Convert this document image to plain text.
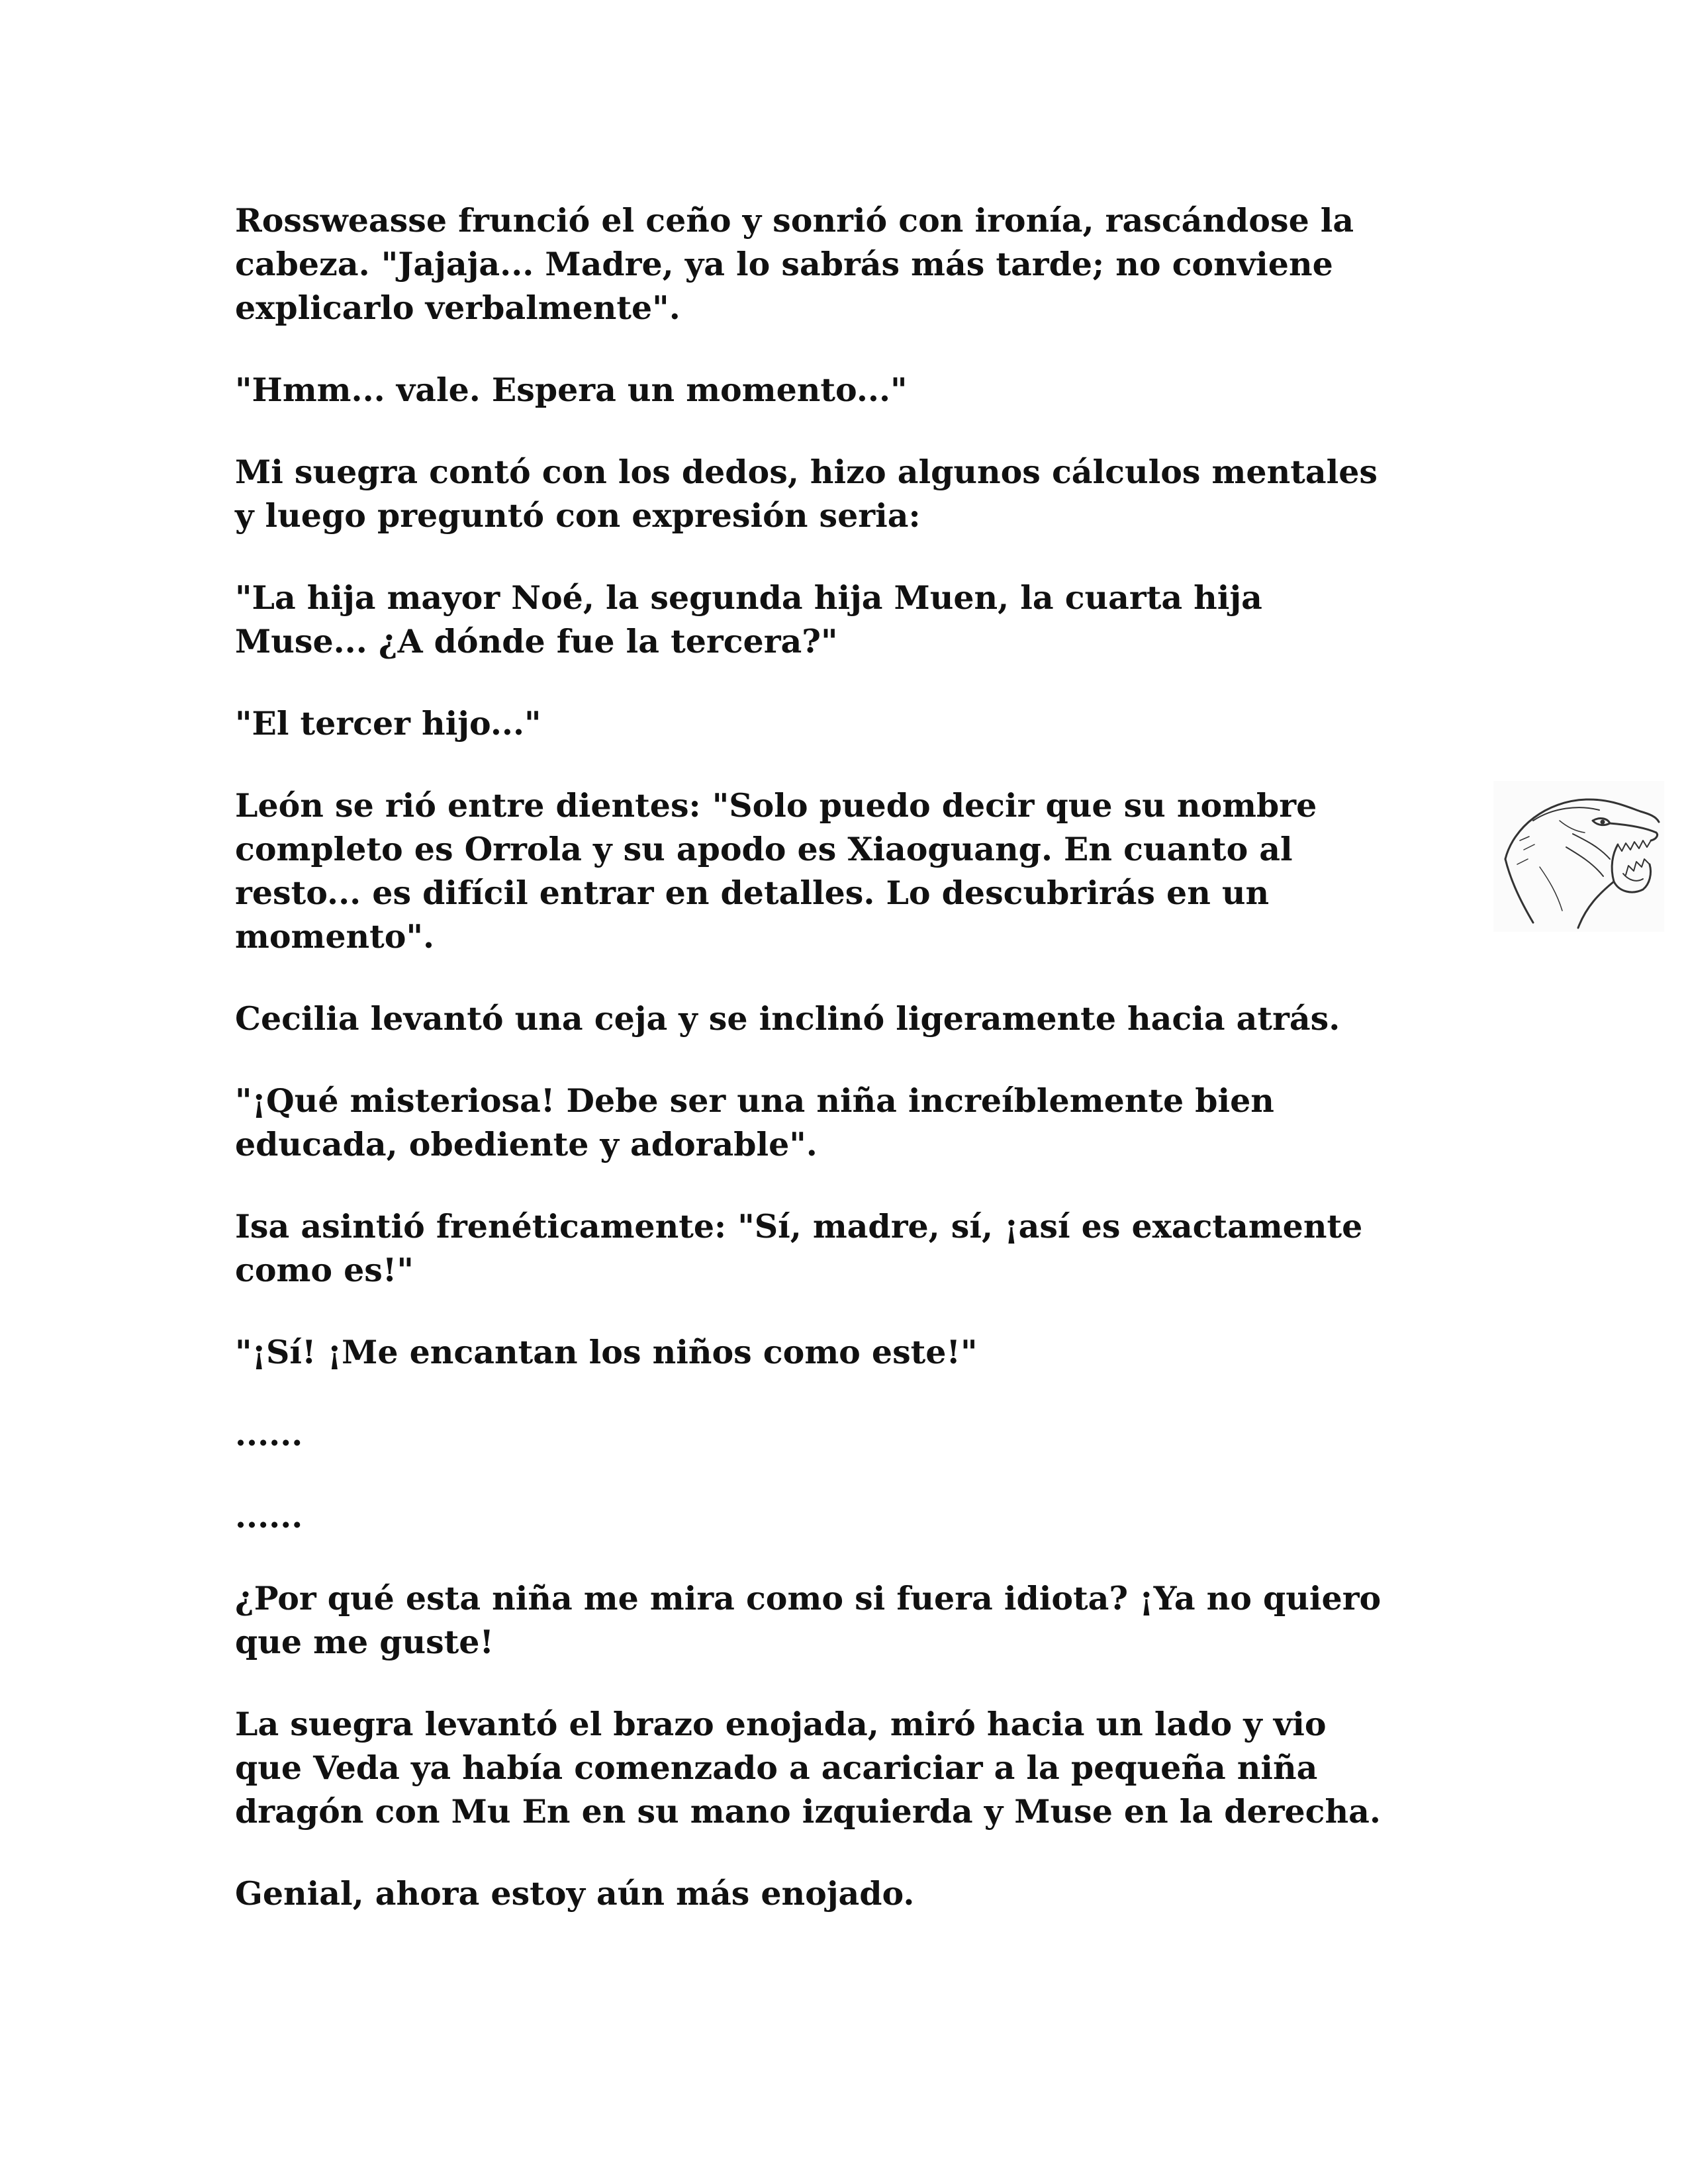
Rossweasse frunció el ceño y sonrió con ironía, rascándose la
cabeza. "Jajaja... Madre, ya lo sabrás más tarde; no conviene
explicarlo verbalmente".

"Hmm... vale. Espera un momento..."

Mi suegra contó con los dedos, hizo algunos cálculos mentales
y luego preguntó con expresión seria:

"La hija mayor Noé, la segunda hija Muen, la cuarta hija
Muse... ¿A dónde fue la tercera?"

"El tercer hijo..."

León se rió entre dientes: "Solo puedo decir que su nombre
completo es Orrola y su apodo es Xiaoguang. En cuanto al
resto... es difícil entrar en detalles. Lo descubrirás en un
momento".

Cecilia levantó una ceja y se inclinó ligeramente hacia atrás.

"¡Qué misteriosa! Debe ser una niña increíblemente bien
educada, obediente y adorable".

Isa asintió frenéticamente: "Sí, madre, sí, ¡así es exactamente
como es!"

"¡Sí! ¡Me encantan los niños como este!"

......

......

¿Por qué esta niña me mira como si fuera idiota? ¡Ya no quiero
que me guste!

La suegra levantó el brazo enojada, miró hacia un lado y vio
que Veda ya había comenzado a acariciar a la pequeña niña
dragón con Mu En en su mano izquierda y Muse en la derecha.

Genial, ahora estoy aún más enojado.
